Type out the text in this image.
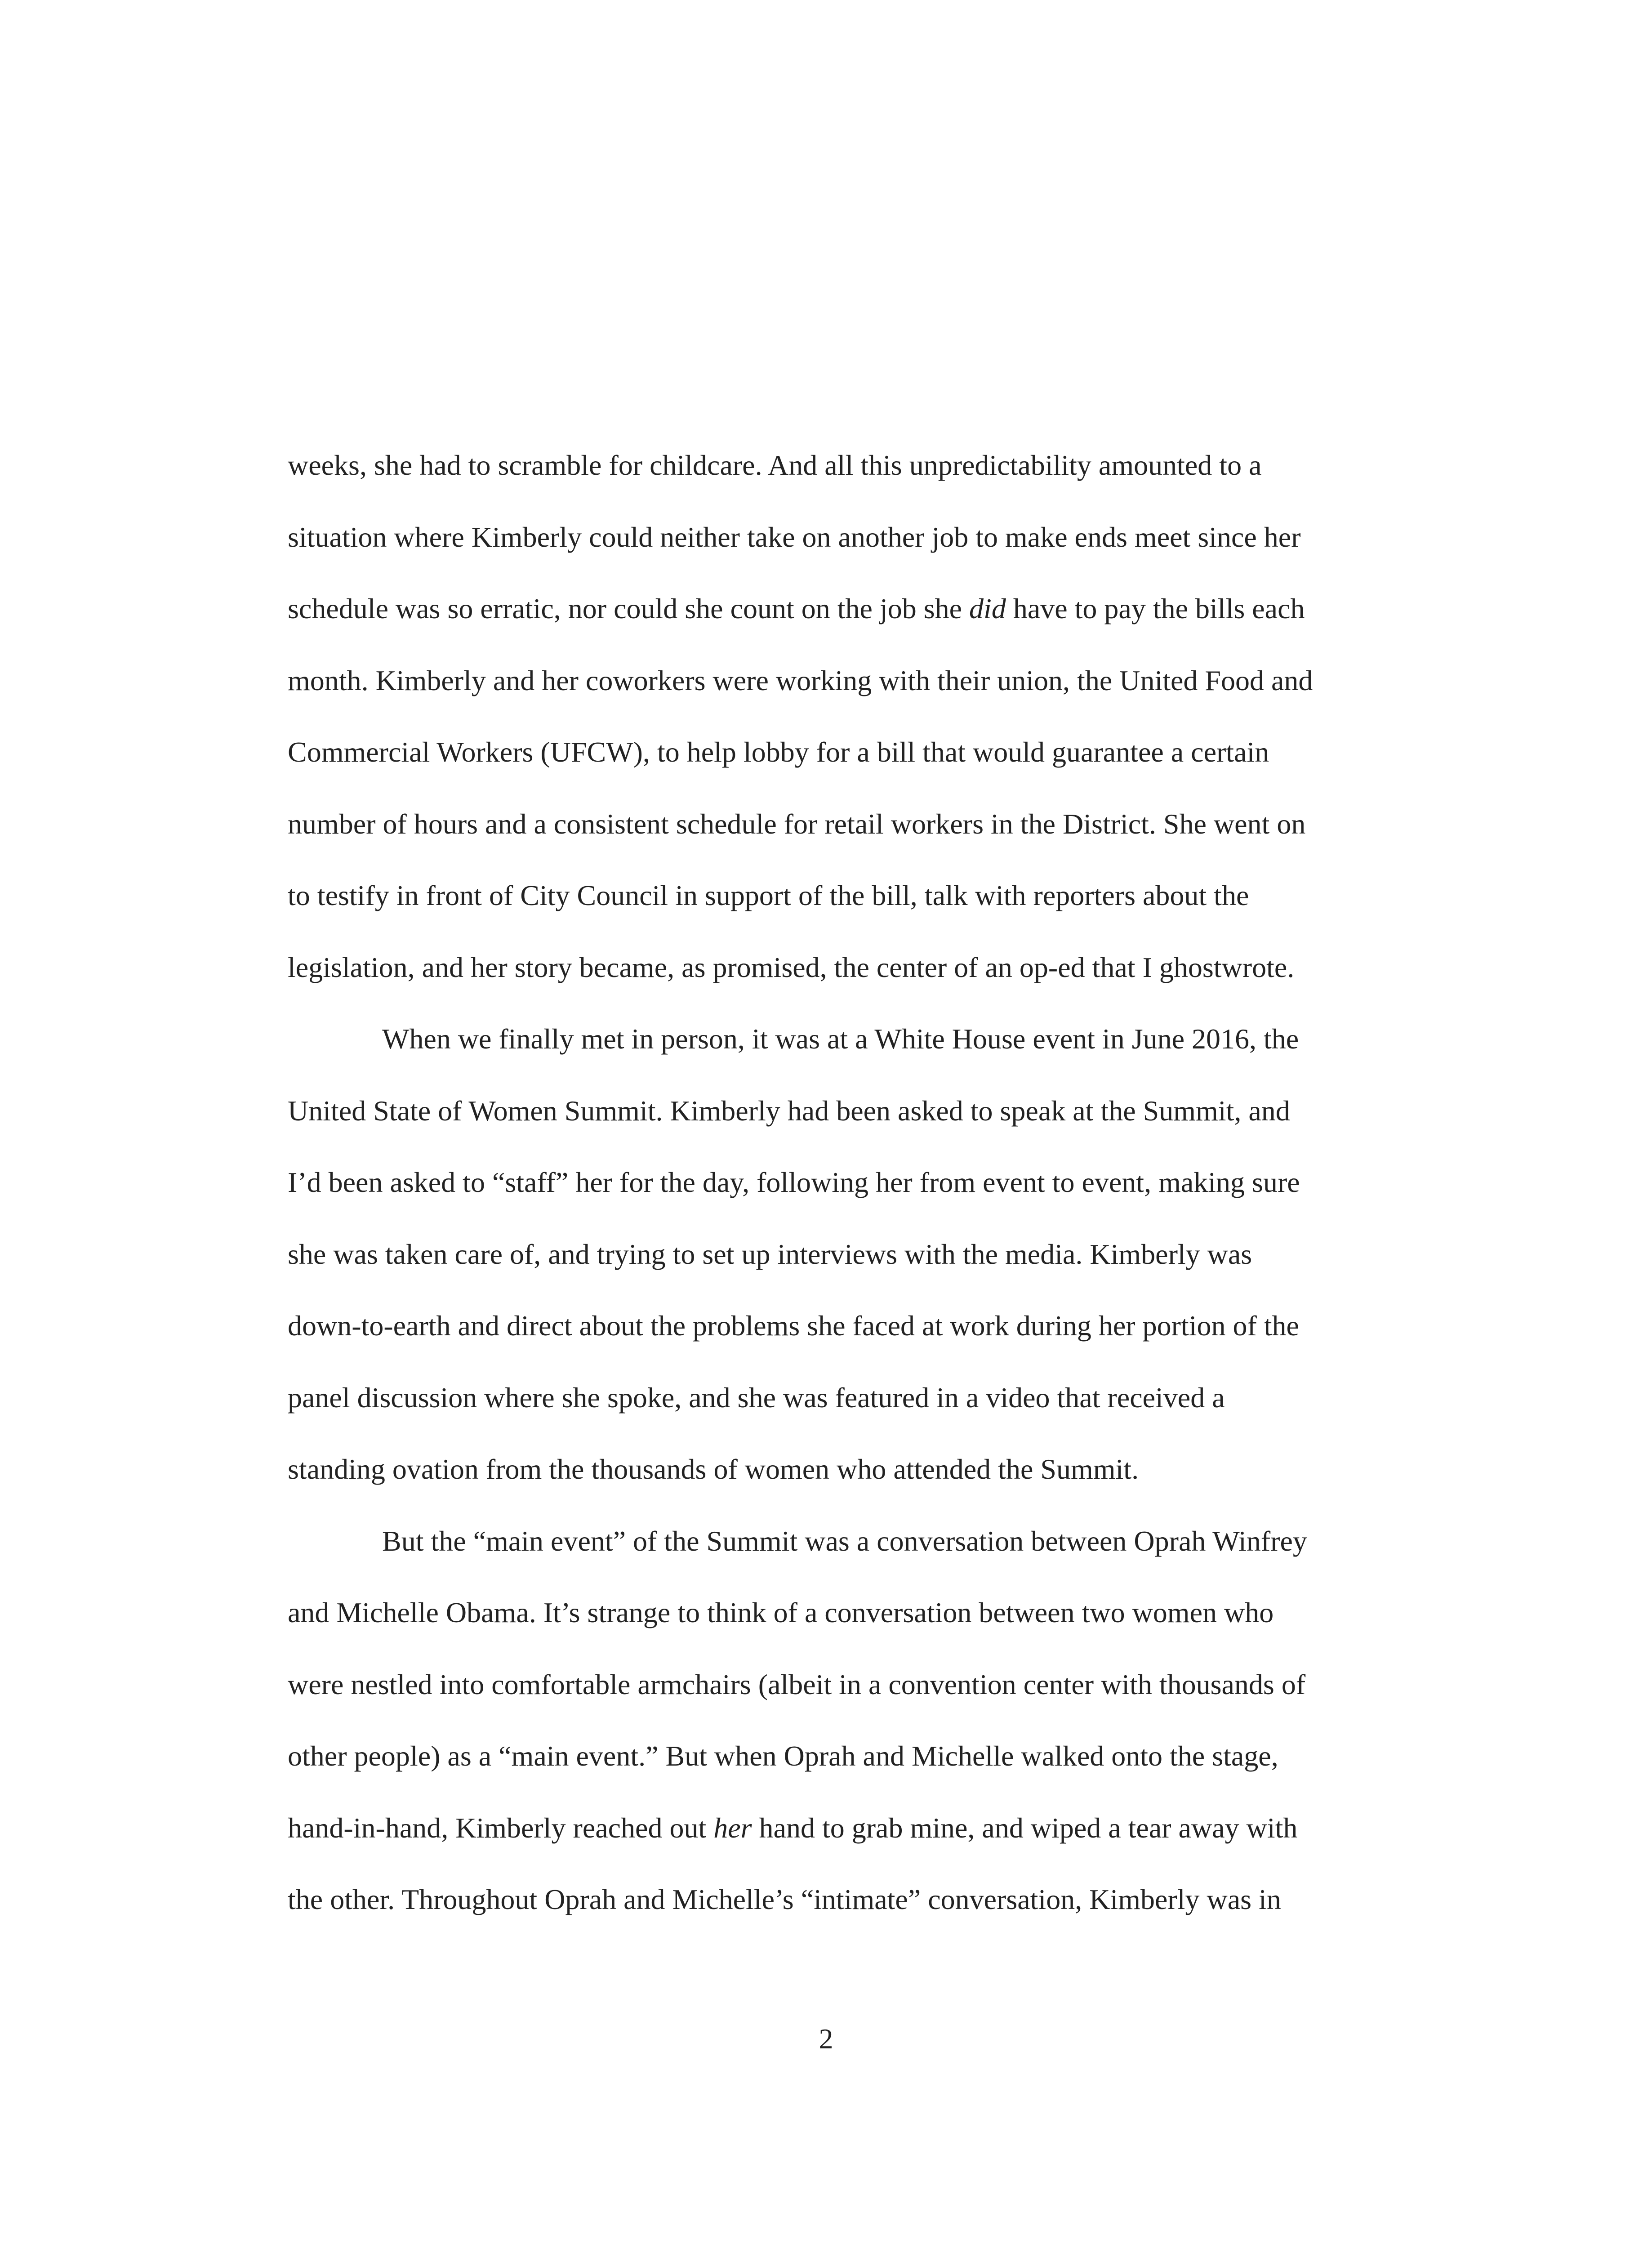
weeks, she had to scramble for childcare. And all this unpredictability amounted to a
situation where Kimberly could neither take on another job to make ends meet since her
schedule was so erratic, nor could she count on the job she did have to pay the bills each
month. Kimberly and her coworkers were working with their union, the United Food and
Commercial Workers (UFCW), to help lobby for a bill that would guarantee a certain
number of hours and a consistent schedule for retail workers in the District. She went on
to testify in front of City Council in support of the bill, talk with reporters about the
legislation, and her story became, as promised, the center of an op-ed that I ghostwrote.
When we finally met in person, it was at a White House event in June 2016, the
United State of Women Summit. Kimberly had been asked to speak at the Summit, and
I’d been asked to “staff” her for the day, following her from event to event, making sure
she was taken care of, and trying to set up interviews with the media. Kimberly was
down-to-earth and direct about the problems she faced at work during her portion of the
panel discussion where she spoke, and she was featured in a video that received a
standing ovation from the thousands of women who attended the Summit.
But the “main event” of the Summit was a conversation between Oprah Winfrey
and Michelle Obama. It’s strange to think of a conversation between two women who
were nestled into comfortable armchairs (albeit in a convention center with thousands of
other people) as a “main event.” But when Oprah and Michelle walked onto the stage,
hand-in-hand, Kimberly reached out her hand to grab mine, and wiped a tear away with
the other. Throughout Oprah and Michelle’s “intimate” conversation, Kimberly was in
2
